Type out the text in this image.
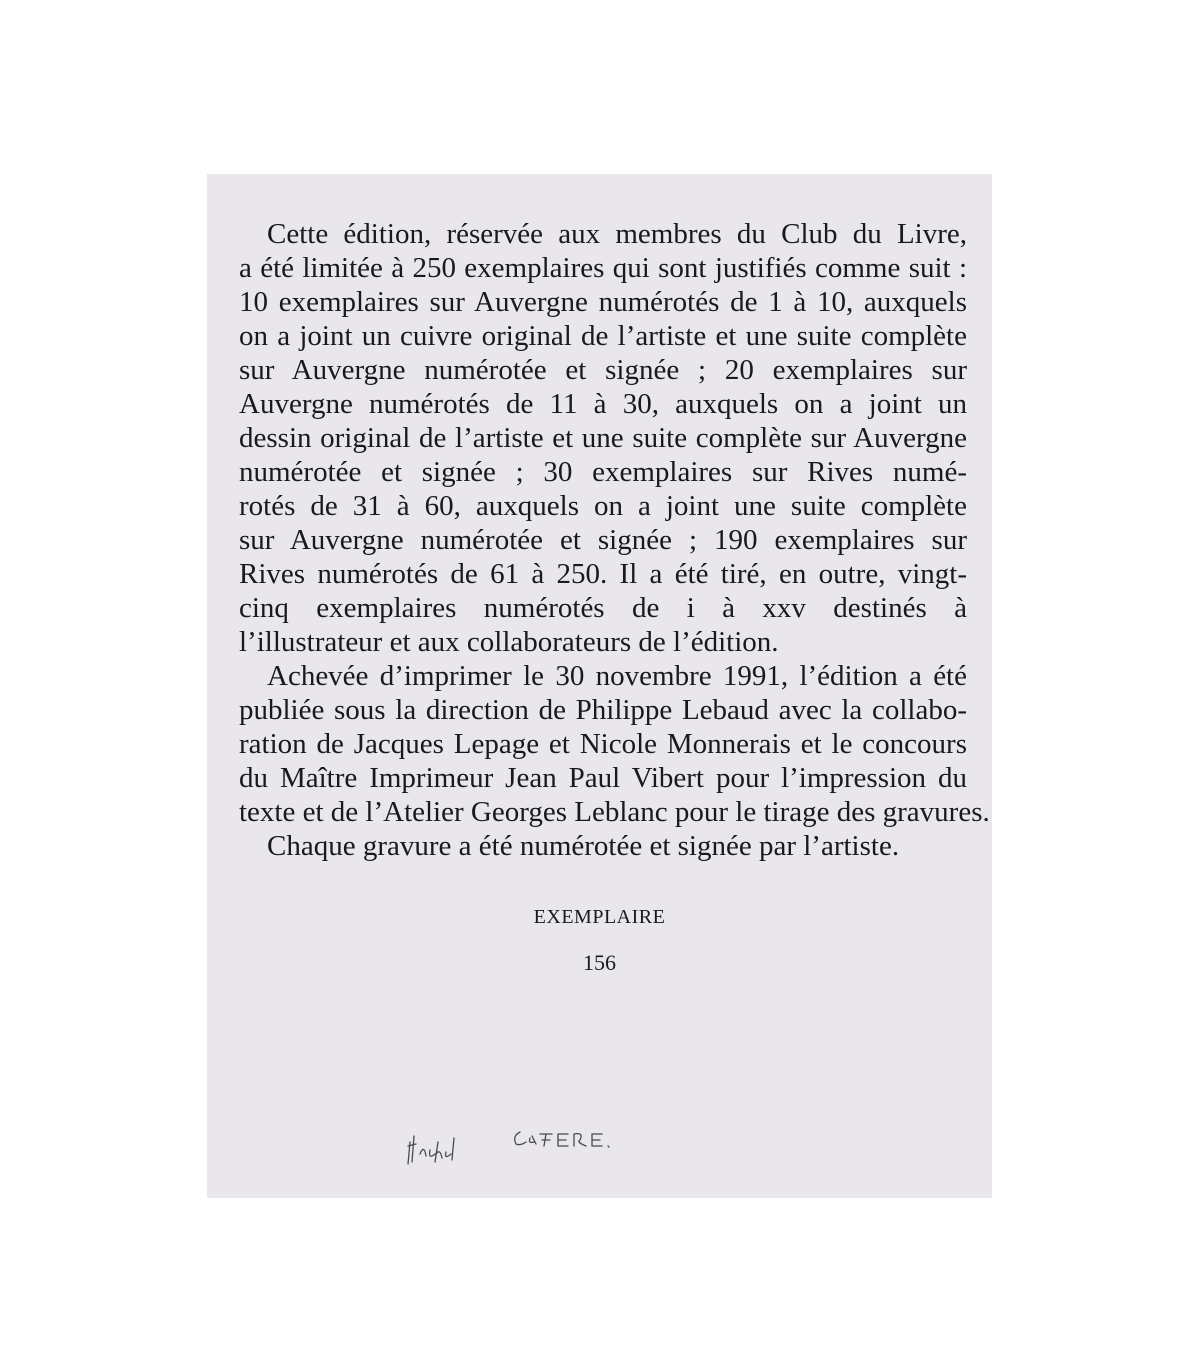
Cette édition, réservée aux membres du Club du Livre,
a été limitée à 250 exemplaires qui sont justifiés comme suit :
10 exemplaires sur Auvergne numérotés de 1 à 10, auxquels
on a joint un cuivre original de l’artiste et une suite complète
sur Auvergne numérotée et signée ; 20 exemplaires sur
Auvergne numérotés de 11 à 30, auxquels on a joint un
dessin original de l’artiste et une suite complète sur Auvergne
numérotée et signée ; 30 exemplaires sur Rives numé-
rotés de 31 à 60, auxquels on a joint une suite complète
sur Auvergne numérotée et signée ; 190 exemplaires sur
Rives numérotés de 61 à 250. Il a été tiré, en outre, vingt-
cinq exemplaires numérotés de i à xxv destinés à
l’illustrateur et aux collaborateurs de l’édition.
Achevée d’imprimer le 30 novembre 1991, l’édition a été
publiée sous la direction de Philippe Lebaud avec la collabo-
ration de Jacques Lepage et Nicole Monnerais et le concours
du Maître Imprimeur Jean Paul Vibert pour l’impression du
texte et de l’Atelier Georges Leblanc pour le tirage des gravures.
Chaque gravure a été numérotée et signée par l’artiste.
EXEMPLAIRE
156
